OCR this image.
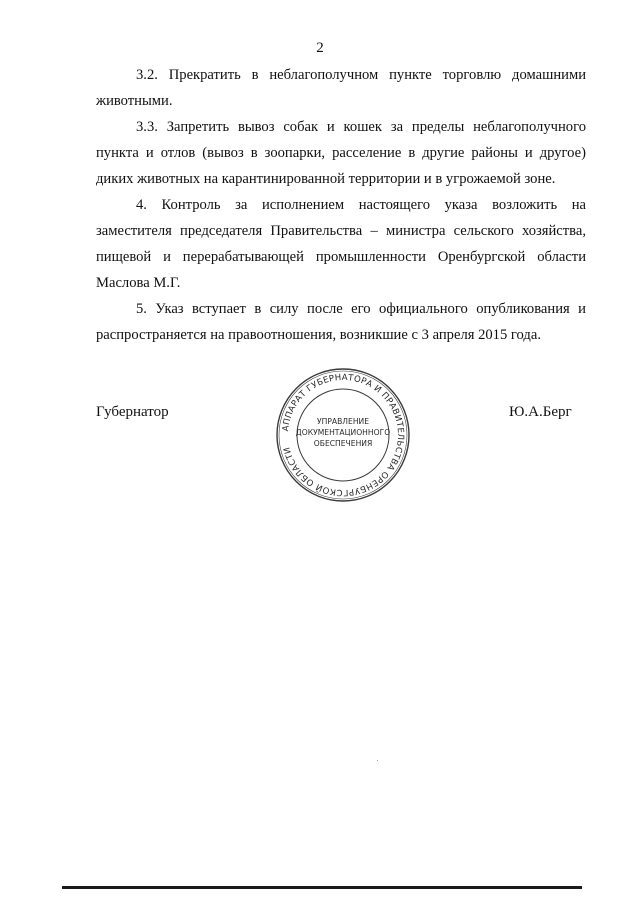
2
3.2. Прекратить в неблагополучном пункте торговлю домашними
животными.
3.3. Запретить вывоз собак и кошек за пределы неблагополучного
пункта и отлов (вывоз в зоопарки, расселение в другие районы и другое)
диких животных на карантинированной территории и в угрожаемой зоне.
4. Контроль за исполнением настоящего указа возложить на
заместителя председателя Правительства – министра сельского хозяйства,
пищевой и перерабатывающей промышленности Оренбургской области
Маслова М.Г.
5. Указ вступает в силу после его официального опубликования и
распространяется на правоотношения, возникшие с 3 апреля 2015 года.
Губернатор	Ю.А.Берг
АППАРАТ ГУБЕРНАТОРА И ПРАВИТЕЛЬСТВА ОРЕНБУРГСКОЙ ОБЛАСТИ
УПРАВЛЕНИЕ
ДОКУМЕНТАЦИОННОГО
ОБЕСПЕЧЕНИЯ
